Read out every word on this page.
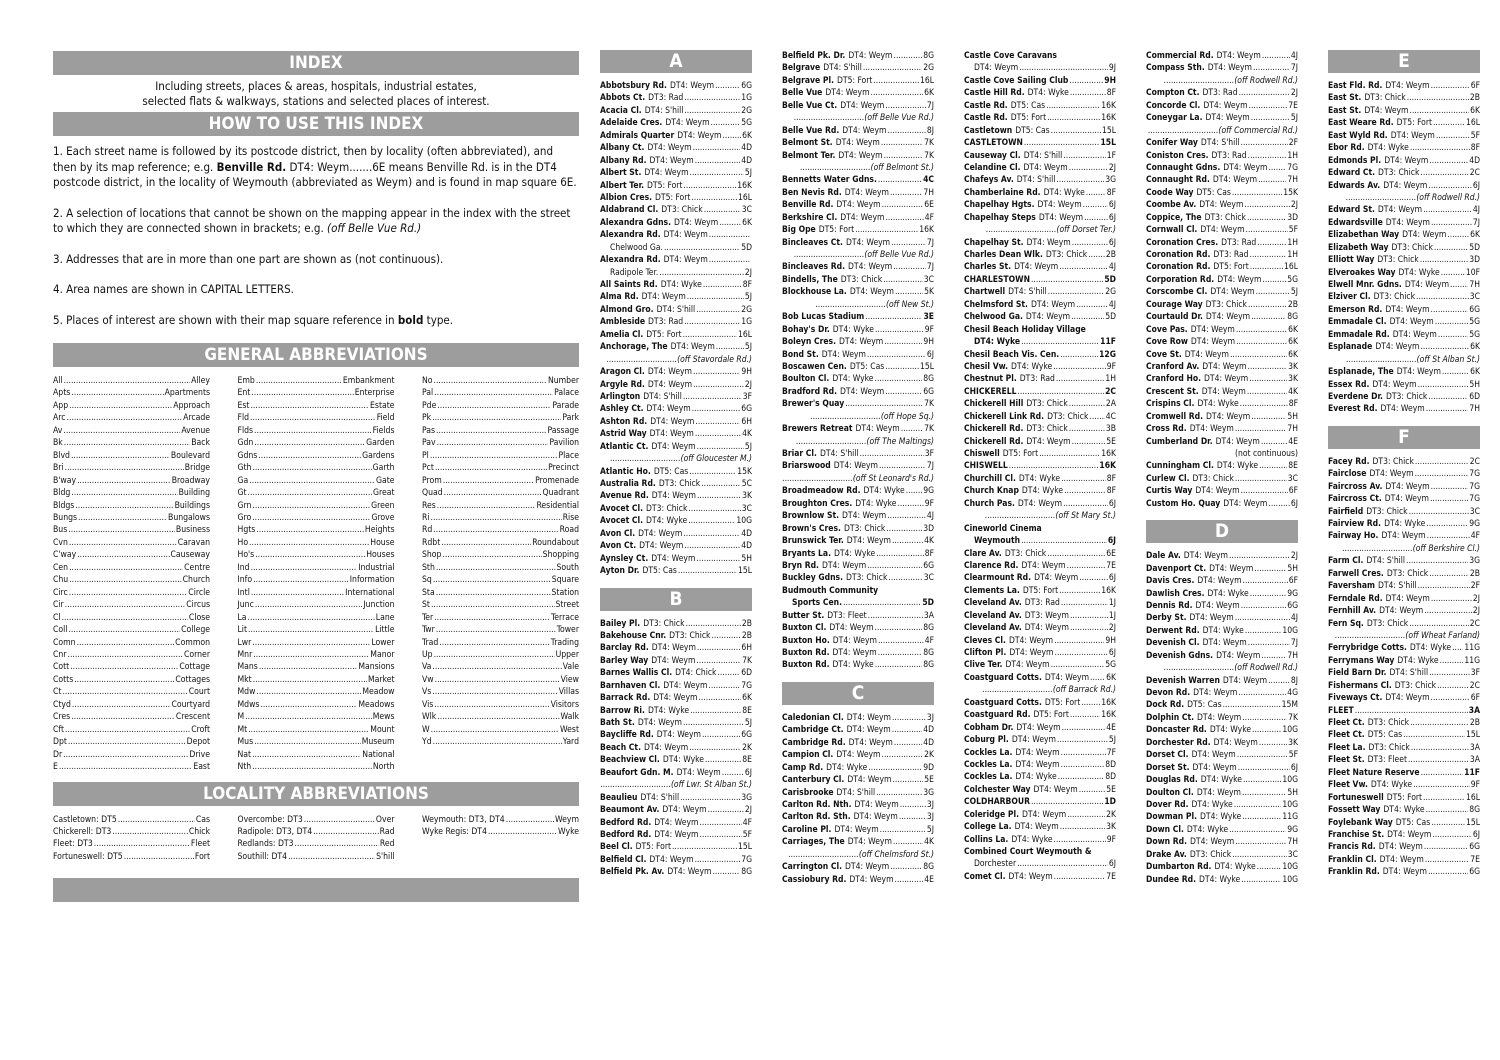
INDEX
Including streets, places & areas, hospitals, industrial estates,
selected flats & walkways, stations and selected places of interest.
HOW TO USE THIS INDEX

1. Each street name is followed by its postcode district, then by locality (often abbreviated), and then by its map reference; e.g. Benville Rd. DT4: Weym.......6E means Benville Rd. is in the DT4 postcode district, in the locality of Weymouth (abbreviated as Weym) and is found in map square 6E.

2. A selection of locations that cannot be shown on the mapping appear in the index with the street to which they are connected shown in brackets; e.g. (off Belle Vue Rd.)

3. Addresses that are in more than one part are shown as (not continuous).

4. Area names are shown in CAPITAL LETTERS.

5. Places of interest are shown with their map square reference in bold type.

GENERAL ABBREVIATIONS
All .....	Alley
Apts .....	Apartments
App .....	Approach
Arc .....	Arcade
Av .....	Avenue
Bk .....	Back
Blvd .....	Boulevard
Bri .....	Bridge
B'way .....	Broadway
Bldg .....	Building
Bldgs .....	Buildings
Bungs .....	Bungalows
Bus .....	Business
Cvn .....	Caravan
C'way .....	Causeway
Cen .....	Centre
Chu .....	Church
Circ .....	Circle
Cir .....	Circus
Cl .....	Close
Coll .....	College
Comn .....	Common
Cnr .....	Corner
Cott .....	Cottage
Cotts .....	Cottages
Ct .....	Court
Ctyd .....	Courtyard
Cres .....	Crescent
Cft .....	Croft
Dpt .....	Depot
Dr .....	Drive
E .....	East
Emb .....	Embankment
Ent .....	Enterprise
Est .....	Estate
Fld .....	Field
Flds .....	Fields
Gdn .....	Garden
Gdns .....	Gardens
Gth .....	Garth
Ga .....	Gate
Gt .....	Great
Grn .....	Green
Gro .....	Grove
Hgts .....	Heights
Ho .....	House
Ho's .....	Houses
Ind .....	Industrial
Info .....	Information
Intl .....	International
Junc .....	Junction
La .....	Lane
Lit .....	Little
Lwr .....	Lower
Mnr .....	Manor
Mans .....	Mansions
Mkt .....	Market
Mdw .....	Meadow
Mdws .....	Meadows
M .....	Mews
Mt .....	Mount
Mus .....	Museum
Nat .....	National
Nth .....	North
No .....	Number
Pal .....	Palace
Pde .....	Parade
Pk .....	Park
Pas .....	Passage
Pav .....	Pavilion
Pl .....	Place
Pct .....	Precinct
Prom .....	Promenade
Quad .....	Quadrant
Res .....	Residential
Ri .....	Rise
Rd .....	Road
Rdbt .....	Roundabout
Shop .....	Shopping
Sth .....	South
Sq .....	Square
Sta .....	Station
St .....	Street
Ter .....	Terrace
Twr .....	Tower
Trad .....	Trading
Up .....	Upper
Va .....	Vale
Vw .....	View
Vs .....	Villas
Vis .....	Visitors
Wlk .....	Walk
W .....	West
Yd .....	Yard
LOCALITY ABBREVIATIONS
Castletown: DT5 .....	Cas
Chickerell: DT3 .....	Chick
Fleet: DT3 .....	Fleet
Fortuneswell: DT5 .....	Fort
Overcombe: DT3 .....	Over
Radipole: DT3, DT4 .....	Rad
Redlands: DT3 .....	Red
Southill: DT4 .....	S'hill
Weymouth: DT3, DT4 .....	Weym
Wyke Regis: DT4 .....	Wyke
A
Abbotsbury Rd. DT4: Weym .....	6G
Abbots Ct. DT3: Rad .....	1G
Acacia Cl. DT4: S'hill .....	2G
Adelaide Cres. DT4: Weym .....	5G
Admirals Quarter DT4: Weym ..... 6K
Albany Ct. DT4: Weym .....	4D
Albany Rd. DT4: Weym .....	4D
Albert St. DT4: Weym .....	5J
Albert Ter. DT5: Fort .....	16K
Albion Cres. DT5: Fort .....	16L
Aldabrand Cl. DT3: Chick .....	3C
Alexandra Gdns. DT4: Weym .....	6K
Alexandra Rd. DT4: Weym
.....
Chelwood Ga. .....	5D
Alexandra Rd. DT4: Weym
.....
Radipole Ter. .....	2J
All Saints Rd. DT4: Wyke .....	8F
Alma Rd. DT4: Weym .....	5J
Almond Gro. DT4: S'hill .....	2G
Ambleside DT3: Rad .....	1G
Amelia Cl. DT5: Fort .....	16L
Anchorage, The DT4: Weym .....	5J
.............................(off Stavordale Rd.)
Aragon Cl. DT4: Weym .....	9H
Argyle Rd. DT4: Weym .....	2J
Arlington DT4: S'hill .....	3F
Ashley Ct. DT4: Weym .....	6G
Ashton Rd. DT4: Weym .....	6H
Astrid Way DT4: Weym .....	4K
Atlantic Ct. DT4: Weym .....	5J
.............................(off Gloucester M.)
Atlantic Ho. DT5: Cas .....	15K
Australia Rd. DT3: Chick .....	5C
Avenue Rd. DT4: Weym .....	3K
Avocet Cl. DT3: Chick .....	3C
Avocet Cl. DT4: Wyke .....	10G
Avon Cl. DT4: Weym .....	4D
Avon Ct. DT4: Weym .....	4D
Aynsley Ct. DT4: Weym .....	5H
Ayton Dr. DT5: Cas .....	15L
B
Bailey Pl. DT3: Chick .....	2B
Bakehouse Cnr. DT3: Chick .....	2B
Barclay Rd. DT4: Weym .....	6H
Barley Way DT4: Weym .....	7K
Barnes Wallis Cl. DT4: Chick .....	6D
Barnhaven Cl. DT4: Weym .....	7G
Barrack Rd. DT4: Weym .....	6K
Barrow Ri. DT4: Wyke .....	8E
Bath St. DT4: Weym .....	5J
Baycliffe Rd. DT4: Weym .....	6G
Beach Ct. DT4: Weym .....	2K
Beachview Cl. DT4: Wyke .....	8E
Beaufort Gdn. M. DT4: Weym .....	6J
.............................(off Lwr. St Alban St.)
Beaulieu DT4: S'hill .....	3G
Beaumont Av. DT4: Weym .....	2J
Bedford Rd. DT4: Weym .....	4F
Bedford Rd. DT4: Weym .....	5F
Beel Cl. DT5: Fort .....	15L
Belfield Cl. DT4: Weym .....	7G
Belfield Pk. Av. DT4: Weym .....	8G
Belfield Pk. Dr. DT4: Weym .....	8G
Belgrave DT4: S'hill .....	2G
Belgrave Pl. DT5: Fort .....	16L
Belle Vue DT4: Weym .....	6K
Belle Vue Ct. DT4: Weym .....	7J
.............................(off Belle Vue Rd.)
Belle Vue Rd. DT4: Weym .....	8J
Belmont St. DT4: Weym .....	7K
Belmont Ter. DT4: Weym .....	7K
.............................(off Belmont St.)
Bennetts Water Gdns. .....	4C
Ben Nevis Rd. DT4: Weym .....	7H
Benville Rd. DT4: Weym .....	6E
Berkshire Cl. DT4: Weym .....	4F
Big Ope DT5: Fort .....	16K
Bincleaves Ct. DT4: Weym .....	7J
.............................(off Belle Vue Rd.)
Bincleaves Rd. DT4: Weym .....	7J
Bindells, The DT3: Chick .....	3C
Blockhouse La. DT4: Weym .....	5K
.............................(off New St.)
Bob Lucas Stadium .....	3E
Bohay's Dr. DT4: Wyke .....	9F
Boleyn Cres. DT4: Weym .....	9H
Bond St. DT4: Weym .....	6J
Boscawen Cen. DT5: Cas .....	15L
Boulton Cl. DT4: Wyke .....	8G
Bradford Rd. DT4: Weym .....	6G
Brewer's Quay .....	7K
.............................(off Hope Sq.)
Brewers Retreat DT4: Weym .....	7K
.............................(off The Maltings)
Briar Cl. DT4: S'hill .....	3F
Briarswood DT4: Weym .....	7J
.............................(off St Leonard's Rd.)
Broadmeadow Rd. DT4: Wyke ..... 9G
Broughton Cres. DT4: Wyke .....	9F
Brownlow St. DT4: Weym .....	4J
Brown's Cres. DT3: Chick .....	3D
Brunswick Ter. DT4: Weym .....	4K
Bryants La. DT4: Wyke .....	8F
Bryn Rd. DT4: Weym .....	6G
Buckley Gdns. DT3: Chick .....	3C
Budmouth Community
Sports Cen. .....	5D
Butter St. DT3: Fleet .....	3A
Buxton Cl. DT4: Weym .....	8G
Buxton Ho. DT4: Weym .....	4F
Buxton Rd. DT4: Weym .....	8G
Buxton Rd. DT4: Wyke .....	8G
C
Caledonian Cl. DT4: Weym .....	3J
Cambridge Ct. DT4: Weym .....	4D
Cambridge Rd. DT4: Weym .....	4D
Campion Cl. DT4: Weym .....	2K
Camp Rd. DT4: Wyke .....	9D
Canterbury Cl. DT4: Weym .....	5E
Carisbrooke DT4: S'hill .....	3G
Carlton Rd. Nth. DT4: Weym .....	3J
Carlton Rd. Sth. DT4: Weym .....	3J
Caroline Pl. DT4: Weym .....	5J
Carriages, The DT4: Weym .....	4K
.............................(off Chelmsford St.)
Carrington Cl. DT4: Weym .....	8G
Cassiobury Rd. DT4: Weym .....	4E
Castle Cove Caravans
DT4: Weym .....	9J
Castle Cove Sailing Club .....	9H
Castle Hill Rd. DT4: Wyke .....	8F
Castle Rd. DT5: Cas .....	16K
Castle Rd. DT5: Fort .....	16K
Castletown DT5: Cas .....	15L
CASTLETOWN .....	15L
Causeway Cl. DT4: S'hill .....	1F
Celandine Cl. DT4: Weym .....	2J
Chafeys Av. DT4: S'hill .....	3G
Chamberlaine Rd. DT4: Wyke .....	8F
Chapelhay Hgts. DT4: Weym .....	6J
Chapelhay Steps DT4: Weym .....	6J
.............................(off Dorset Ter.)
Chapelhay St. DT4: Weym .....	6J
Charles Dean Wlk. DT3: Chick ..... 2B
Charles St. DT4: Weym .....	4J
CHARLESTOWN .....	5D
Chartwell DT4: S'hill .....	2G
Chelmsford St. DT4: Weym .....	4J
Chelwood Ga. DT4: Weym .....	5D
Chesil Beach Holiday Village
DT4: Wyke .....	11F
Chesil Beach Vis. Cen. .....	12G
Chesil Vw. DT4: Wyke .....	9F
Chestnut Pl. DT3: Rad .....	1H
CHICKERELL .....	2C
Chickerell Hill DT3: Chick .....	2A
Chickerell Link Rd. DT3: Chick ..... 4C
Chickerell Rd. DT3: Chick .....	3B
Chickerell Rd. DT4: Weym .....	5E
Chiswell DT5: Fort .....	16K
CHISWELL .....	16K
Churchill Cl. DT4: Wyke .....	8F
Church Knap DT4: Wyke .....	8F
Church Pas. DT4: Weym .....	6J
.............................(off St Mary St.)
Cineworld Cinema
Weymouth .....	6J
Clare Av. DT3: Chick .....	6E
Clarence Rd. DT4: Weym .....	7E
Clearmount Rd. DT4: Weym .....	6J
Clements La. DT5: Fort .....	16K
Cleveland Av. DT3: Rad .....	1J
Cleveland Av. DT3: Weym .....	1J
Cleveland Av. DT4: Weym .....	2J
Cleves Cl. DT4: Weym .....	9H
Clifton Pl. DT4: Weym .....	6J
Clive Ter. DT4: Weym .....	5G
Coastguard Cotts. DT4: Weym ..... 6K
.............................(off Barrack Rd.)
Coastguard Cotts. DT5: Fort ..... 16K
Coastguard Rd. DT5: Fort .....	16K
Cobham Dr. DT4: Weym .....	4E
Coburg Pl. DT4: Weym .....	5J
Cockles La. DT4: Weym .....	7F
Cockles La. DT4: Weym .....	8D
Cockles La. DT4: Wyke .....	8D
Colchester Way DT4: Weym .....	5E
COLDHARBOUR .....	1D
Coleridge Pl. DT4: Weym .....	2K
College La. DT4: Weym .....	3K
Collins La. DT4: Wyke .....	9F
Combined Court Weymouth &
Dorchester .....	6J
Comet Cl. DT4: Weym .....	7E
Commercial Rd. DT4: Weym .....	4J
Compass Sth. DT4: Weym .....	7J
.............................(off Rodwell Rd.)
Compton Ct. DT3: Rad .....	2J
Concorde Cl. DT4: Weym .....	7E
Coneygar La. DT4: Weym .....	5J
.............................(off Commercial Rd.)
Conifer Way DT4: S'hill .....	2F
Coniston Cres. DT3: Rad .....	1H
Connaught Gdns. DT4: Weym ..... 7G
Connaught Rd. DT4: Weym .....	7H
Coode Way DT5: Cas .....	15K
Coombe Av. DT4: Weym .....	2J
Coppice, The DT3: Chick .....	3D
Cornwall Cl. DT4: Weym .....	5F
Coronation Cres. DT3: Rad .....	1H
Coronation Rd. DT3: Rad .....	1H
Coronation Rd. DT5: Fort .....	16L
Corporation Rd. DT4: Weym .....	5G
Corscombe Cl. DT4: Weym .....	5J
Courage Way DT3: Chick .....	2B
Courtauld Dr. DT4: Weym .....	8G
Cove Pas. DT4: Weym .....	6K
Cove Row DT4: Weym .....	6K
Cove St. DT4: Weym .....	6K
Cranford Av. DT4: Weym .....	3K
Cranford Ho. DT4: Weym .....	3K
Crescent St. DT4: Weym .....	4K
Crispins Cl. DT4: Wyke .....	8F
Cromwell Rd. DT4: Weym .....	5H
Cross Rd. DT4: Weym .....	7H
Cumberland Dr. DT4: Weym .....	4E
(not continuous)
Cunningham Cl. DT4: Wyke .....	8E
Curlew Cl. DT3: Chick .....	3C
Curtis Way DT4: Weym .....	6F
Custom Ho. Quay DT4: Weym .....	6J
D
Dale Av. DT4: Weym .....	2J
Davenport Ct. DT4: Weym .....	5H
Davis Cres. DT4: Weym .....	6F
Dawlish Cres. DT4: Wyke .....	9G
Dennis Rd. DT4: Weym .....	6G
Derby St. DT4: Weym .....	4J
Derwent Rd. DT4: Wyke .....	10G
Devenish Cl. DT4: Weym .....	7J
Devenish Gdns. DT4: Weym .....	7H
.............................(off Rodwell Rd.)
Devenish Warren DT4: Weym .....	8J
Devon Rd. DT4: Weym .....	4G
Dock Rd. DT5: Cas .....	15M
Dolphin Ct. DT4: Weym .....	7K
Doncaster Rd. DT4: Wyke .....	10G
Dorchester Rd. DT4: Weym .....	3K
Dorset Cl. DT4: Weym .....	5F
Dorset St. DT4: Weym .....	6J
Douglas Rd. DT4: Wyke .....	10G
Doulton Cl. DT4: Weym .....	5H
Dover Rd. DT4: Wyke .....	10G
Dowman Pl. DT4: Wyke .....	11G
Down Cl. DT4: Wyke .....	9G
Down Rd. DT4: Weym .....	7H
Drake Av. DT3: Chick .....	3C
Dumbarton Rd. DT4: Wyke .....	10G
Dundee Rd. DT4: Wyke .....	10G
E
East Fld. Rd. DT4: Weym .....	6F
East St. DT3: Chick .....	2B
East St. DT4: Weym .....	6K
East Weare Rd. DT5: Fort .....	16L
East Wyld Rd. DT4: Weym .....	5F
Ebor Rd. DT4: Wyke .....	8F
Edmonds Pl. DT4: Weym .....	4D
Edward Ct. DT3: Chick .....	2C
Edwards Av. DT4: Weym .....	6J
.............................(off Rodwell Rd.)
Edward St. DT4: Weym .....	4J
Edwardsville DT4: Weym .....	7J
Elizabethan Way DT4: Weym .....	6K
Elizabeth Way DT3: Chick .....	5D
Elliott Way DT3: Chick .....	3D
Elveroakes Way DT4: Wyke .....	10F
Elwell Mnr. Gdns. DT4: Weym ..... 7H
Elziver Cl. DT3: Chick .....	3C
Emerson Rd. DT4: Weym .....	6G
Emmadale Cl. DT4: Weym .....	5G
Emmadale Rd. DT4: Weym .....	5G
Esplanade DT4: Weym .....	6K
.............................(off St Alban St.)
Esplanade, The DT4: Weym .....	6K
Essex Rd. DT4: Weym .....	5H
Everdene Dr. DT3: Chick .....	6D
Everest Rd. DT4: Weym .....	7H
F
Facey Rd. DT3: Chick .....	2C
Fairclose DT4: Weym .....	7G
Faircross Av. DT4: Weym .....	7G
Faircross Ct. DT4: Weym .....	7G
Fairfield DT3: Chick .....	3C
Fairview Rd. DT4: Wyke .....	9G
Fairway Ho. DT4: Weym .....	4F
.............................(off Berkshire Cl.)
Farm Cl. DT4: S'hill .....	3G
Farwell Cres. DT3: Chick .....	2B
Faversham DT4: S'hill .....	2F
Ferndale Rd. DT4: Weym .....	2J
Fernhill Av. DT4: Weym .....	2J
Fern Sq. DT3: Chick .....	2C
.............................(off Wheat Farland)
Ferrybridge Cotts. DT4: Wyke ..... 11G
Ferrymans Way DT4: Wyke .....	11G
Field Barn Dr. DT4: S'hill .....	3F
Fishermans Cl. DT3: Chick .....	2C
Fiveways Ct. DT4: Weym .....	6F
FLEET .....	3A
Fleet Ct. DT3: Chick .....	2B
Fleet Ct. DT5: Cas .....	15L
Fleet La. DT3: Chick .....	3A
Fleet St. DT3: Fleet .....	3A
Fleet Nature Reserve .....	11F
Fleet Vw. DT4: Wyke .....	9F
Fortuneswell DT5: Fort .....	16L
Fossett Way DT4: Wyke .....	8G
Foylebank Way DT5: Cas .....	15L
Franchise St. DT4: Weym .....	6J
Francis Rd. DT4: Weym .....	6G
Franklin Cl. DT4: Weym .....	7E
Franklin Rd. DT4: Weym .....	6G
